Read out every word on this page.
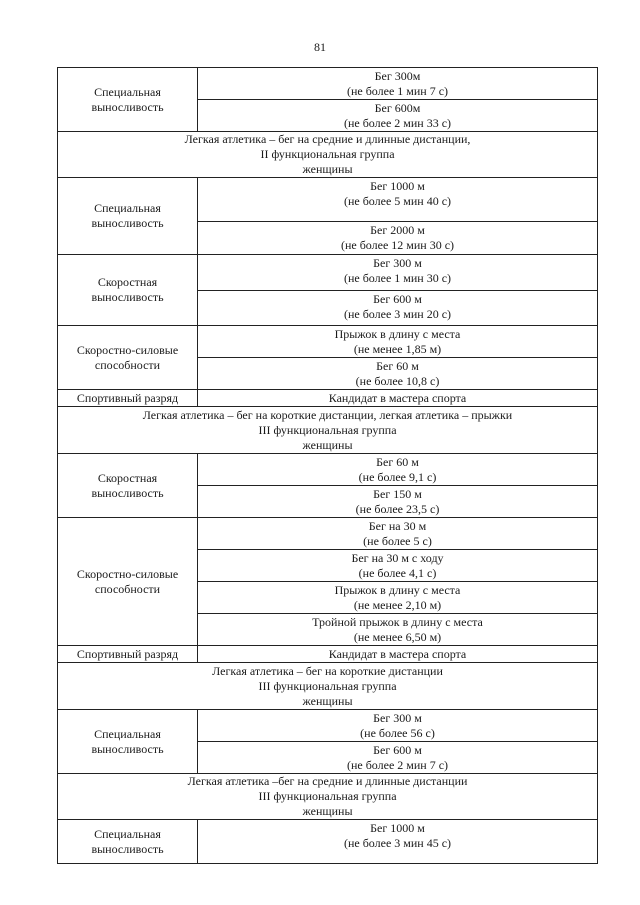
81
Специальная
выносливость	Бег 300м
(не более 1 мин 7 с)

	Бег 600м
(не более 2 мин 33 с)

Легкая атлетика – бег на средние и длинные дистанции,
II функциональная группа
женщины	

Специальная
выносливость	Бег 1000 м
(не более 5 мин 40 с)

	Бег 2000 м
(не более 12 мин 30 с)

Скоростная
выносливость	Бег 300 м
(не более 1 мин 30 с)

	Бег 600 м
(не более 3 мин 20 с)

Скоростно-силовые
способности	Прыжок в длину с места
(не менее 1,85 м)

	Бег 60 м
(не более 10,8 с)

Спортивный разряд	Кандидат в мастера спорта

Легкая атлетика – бег на короткие дистанции, легкая атлетика – прыжки
III функциональная группа
женщины	

Скоростная
выносливость	Бег 60 м
(не более 9,1 с)

	Бег 150 м
(не более 23,5 с)

Скоростно-силовые
способности	Бег на 30 м
(не более 5 с)

	Бег на 30 м с ходу
(не более 4,1 с)

	Прыжок в длину с места
(не менее 2,10 м)

	Тройной прыжок в длину с места
(не менее 6,50 м)

Спортивный разряд	Кандидат в мастера спорта

Легкая атлетика – бег на короткие дистанции
III функциональная группа
женщины	

Специальная
выносливость	Бег 300 м
(не более 56 с)

	Бег 600 м
(не более 2 мин 7 с)

Легкая атлетика –бег на средние и длинные дистанции
III функциональная группа
женщины	

Специальная
выносливость	Бег 1000 м
(не более 3 мин 45 с)
